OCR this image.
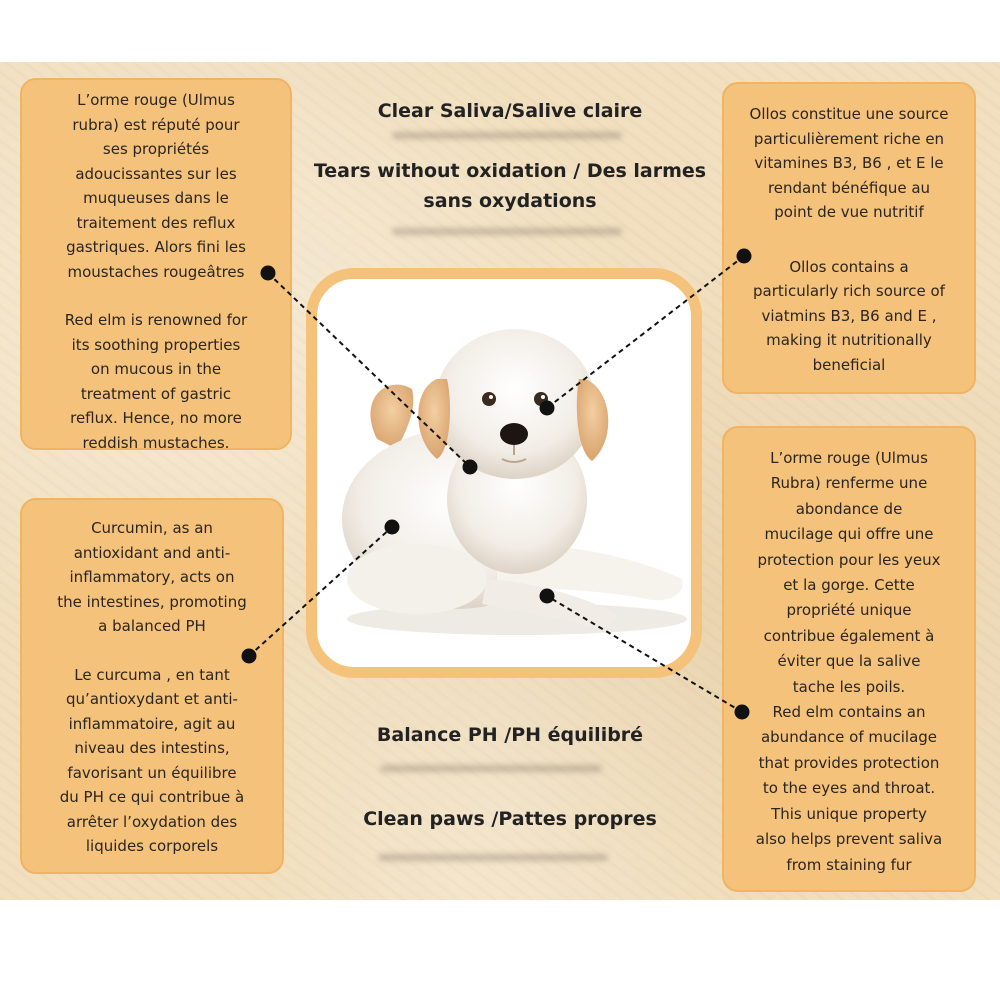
L’orme rouge (Ulmus

rubra) est réputé pour

ses propriétés

adoucissantes sur les

muqueuses dans le

traitement des reflux

gastriques. Alors fini les

moustaches rougeâtres

Red elm is renowned for

its soothing properties

on mucous in the

treatment of gastric

reflux. Hence, no more

reddish mustaches.

Ollos constitue une source

particulièrement riche en

vitamines B3, B6 , et E le

rendant bénéfique au

point de vue nutritif

Ollos contains a

particularly rich source of

viatmins B3, B6 and E ,

making it nutritionally

beneficial

Curcumin, as an

antioxidant and anti-

inflammatory, acts on

the intestines, promoting

a balanced PH

Le curcuma , en tant

qu’antioxydant et anti-

inflammatoire, agit au

niveau des intestins,

favorisant un équilibre

du PH ce qui contribue à

arrêter l’oxydation des

liquides corporels

L’orme rouge (Ulmus

Rubra) renferme une

abondance de

mucilage qui offre une

protection pour les yeux

et la gorge. Cette

propriété unique

contribue également à

éviter que la salive

tache les poils.

Red elm contains an

abundance of mucilage

that provides protection

to the eyes and throat.

This unique property

also helps prevent saliva

from staining fur

Clear Saliva/Salive claire
Tears without oxidation / Des larmes
sans oxydations
Balance PH /PH équilibré
Clean paws /Pattes propres
